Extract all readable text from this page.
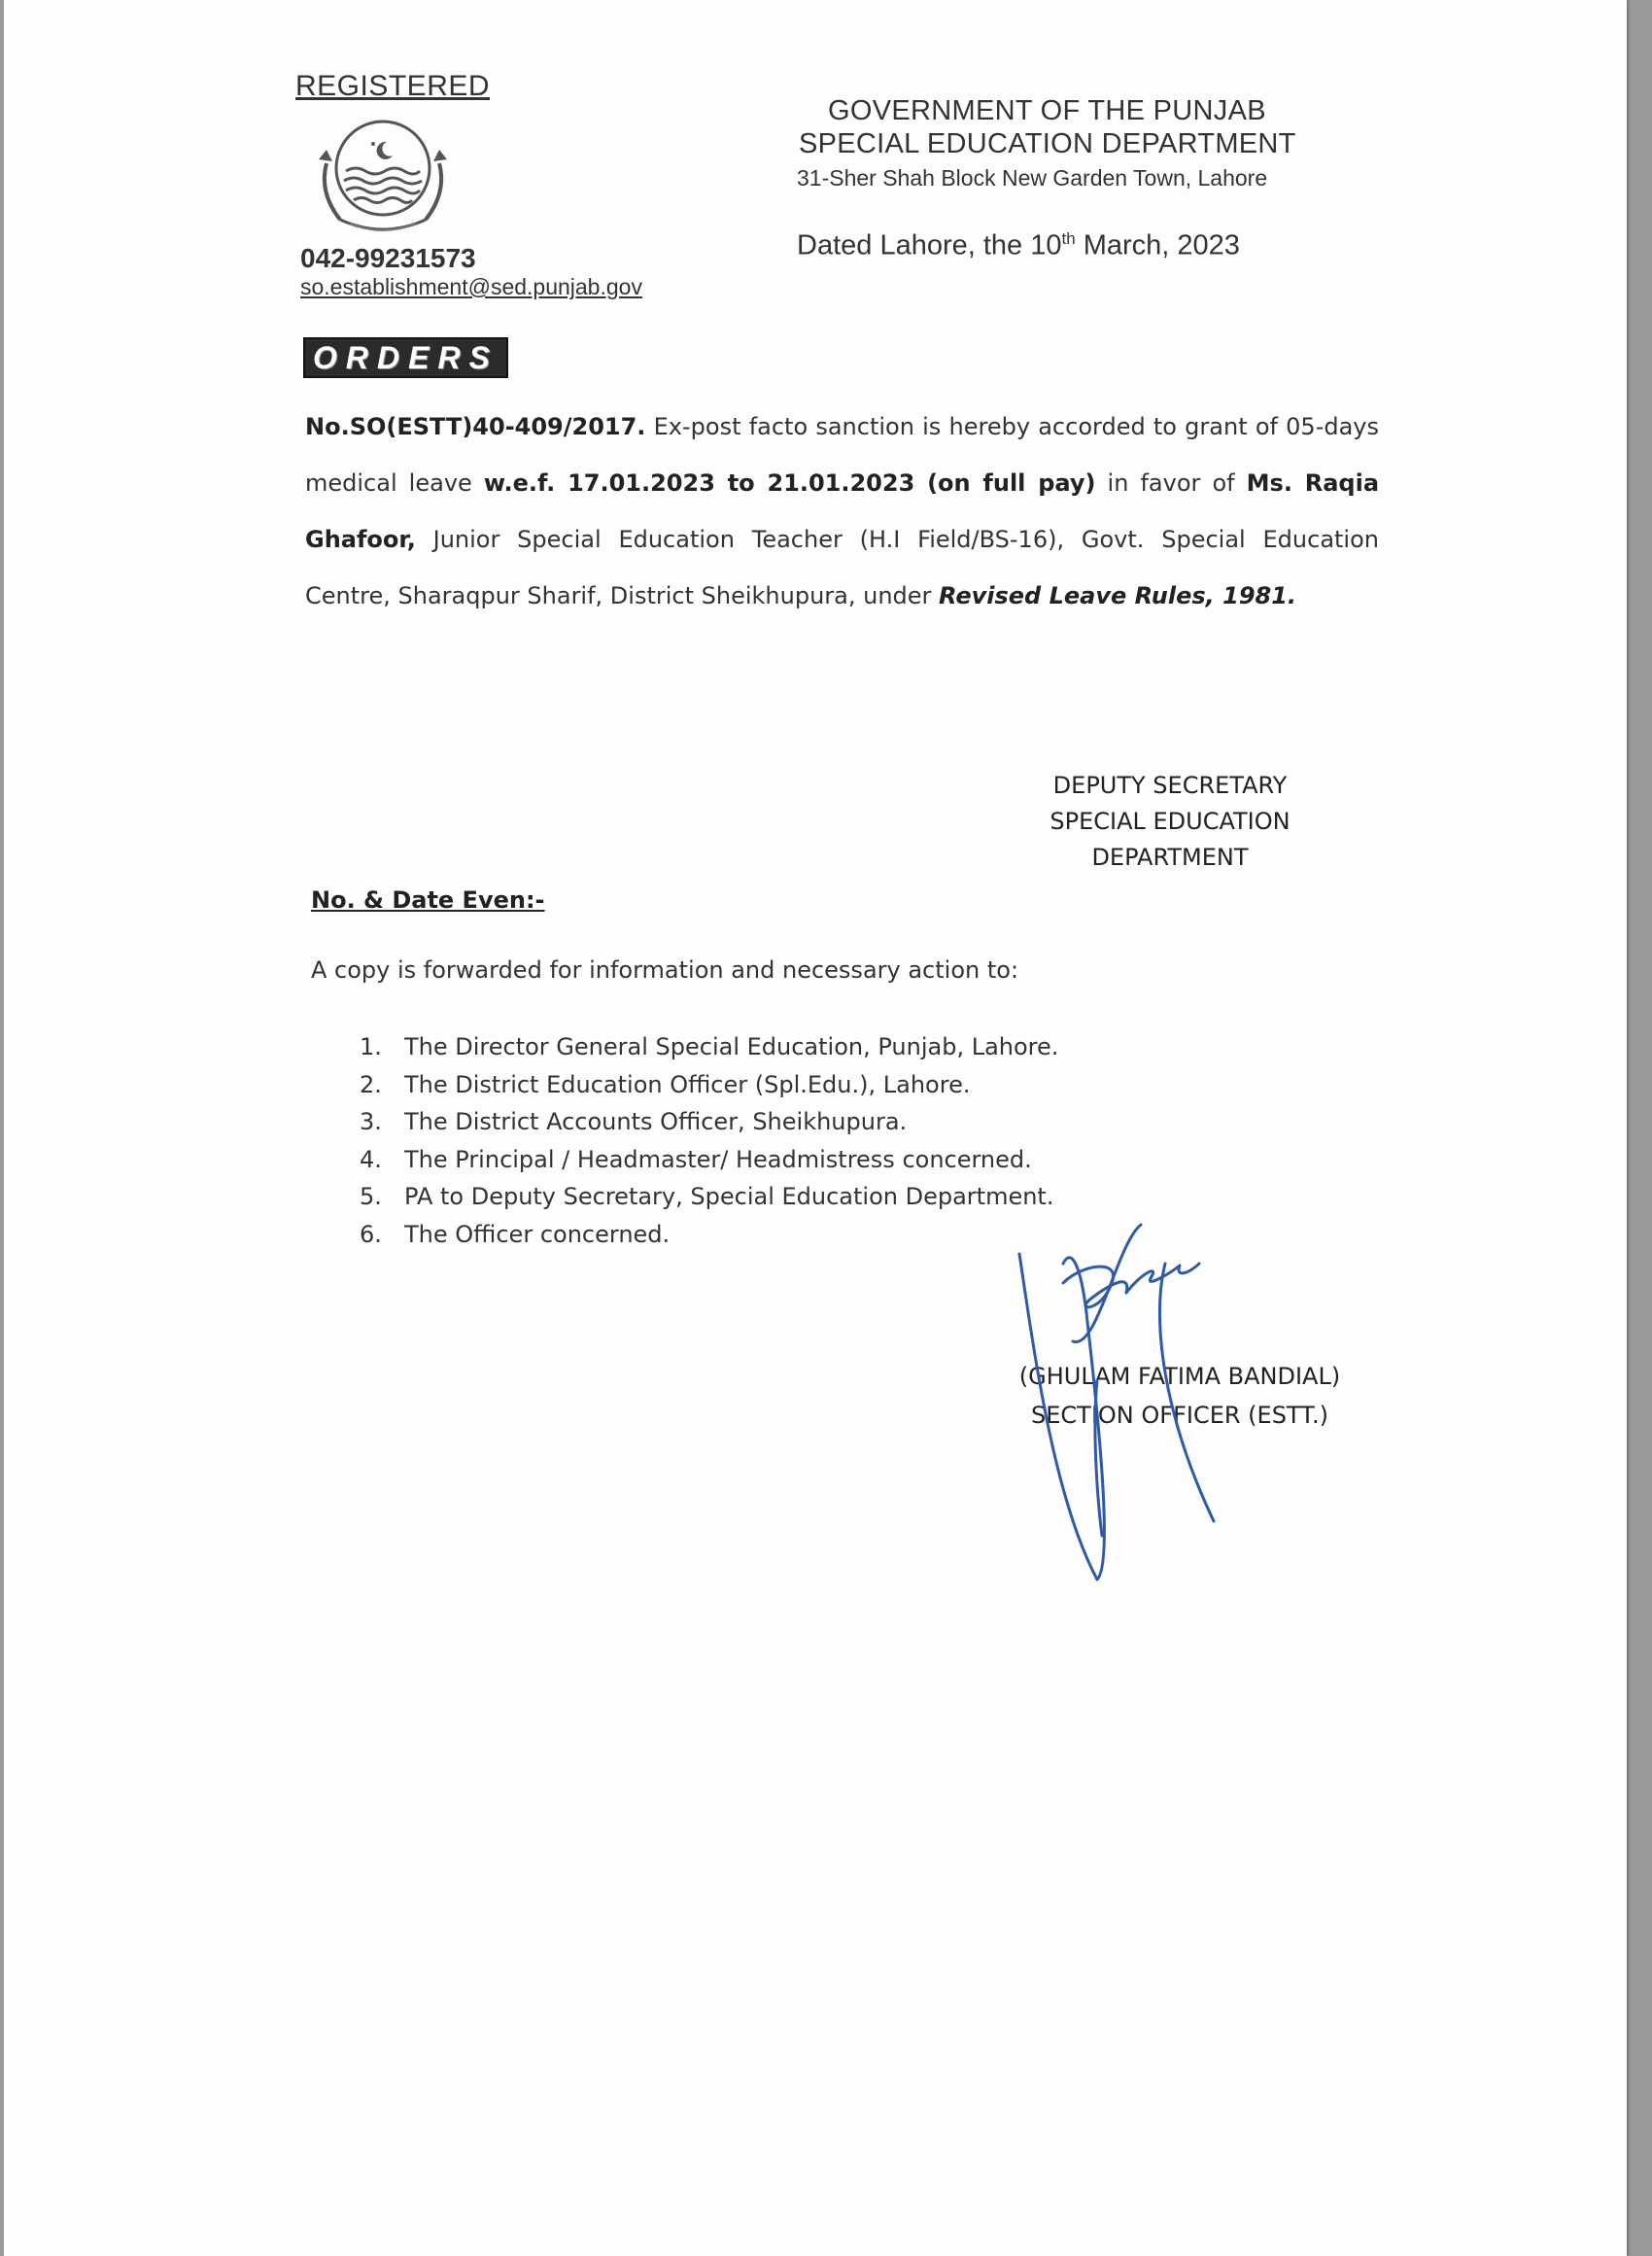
REGISTERED
042-99231573
so.establishment@sed.punjab.gov
GOVERNMENT OF THE PUNJAB
SPECIAL EDUCATION DEPARTMENT
31-Sher Shah Block New Garden Town, Lahore
Dated Lahore, the 10th March, 2023
ORDERS
No.SO(ESTT)40-409/2017. Ex-post facto sanction is hereby accorded to grant of 05-days medical leave w.e.f. 17.01.2023 to 21.01.2023 (on full pay) in favor of Ms. Raqia Ghafoor, Junior Special Education Teacher (H.I Field/BS-16), Govt. Special Education Centre, Sharaqpur Sharif, District Sheikhupura, under Revised Leave Rules, 1981.
DEPUTY SECRETARY
SPECIAL EDUCATION
DEPARTMENT
No. & Date Even:-
A copy is forwarded for information and necessary action to:
1. The Director General Special Education, Punjab, Lahore.
2. The District Education Officer (Spl.Edu.), Lahore.
3. The District Accounts Officer, Sheikhupura.
4. The Principal / Headmaster/ Headmistress concerned.
5. PA to Deputy Secretary, Special Education Department.
6. The Officer concerned.
(GHULAM FATIMA BANDIAL)
SECTION OFFICER (ESTT.)
